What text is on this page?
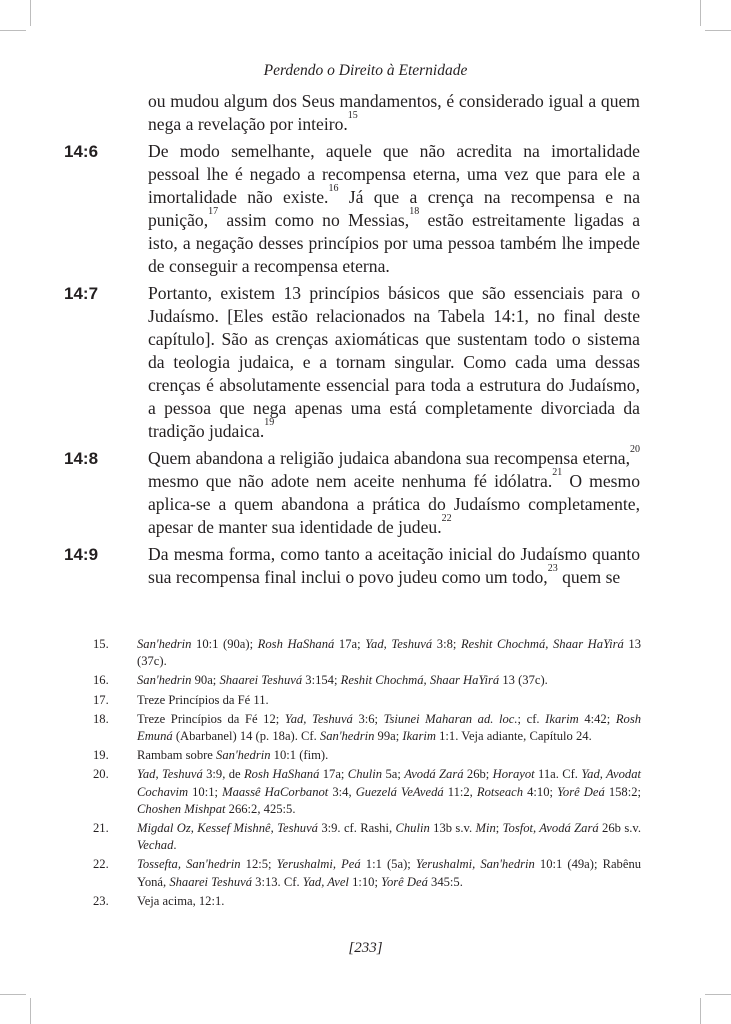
Perdendo o Direito à Eternidade

ou mudou algum dos Seus mandamentos, é considerado igual a quem nega a revelação por inteiro.$^{15}$

14:6	De modo semelhante, aquele que não acredita na imortalidade pessoal lhe é negado a recompensa eterna, uma vez que para ele a imortalidade não existe.$^{16}$ Já que a crença na recompensa e na punição,$^{17}$ assim como no Messias,$^{18}$ estão estreitamente ligadas a isto, a negação desses princípios por uma pessoa também lhe impede de conseguir a recompensa eterna.

14:7	Portanto, existem 13 princípios básicos que são essenciais para o Judaísmo. [Eles estão relacionados na Tabela 14:1, no final deste capítulo]. São as crenças axiomáticas que sustentam todo o sistema da teologia judaica, e a tornam singular. Como cada uma dessas crenças é absolutamente essencial para toda a estrutura do Judaísmo, a pessoa que nega apenas uma está completamente divorciada da tradição judaica.$^{19}$

14:8	Quem abandona a religião judaica abandona sua recompensa eterna,$^{20}$ mesmo que não adote nem aceite nenhuma fé idólatra.$^{21}$ O mesmo aplica-se a quem abandona a prática do Judaísmo completamente, apesar de manter sua identidade de judeu.$^{22}$

14:9	Da mesma forma, como tanto a aceitação inicial do Judaísmo quanto sua recompensa final inclui o povo judeu como um todo,$^{23}$ quem se

15. San'hedrin 10:1 (90a); Rosh HaShaná 17a; Yad, Teshuvá 3:8; Reshit Chochmá, Shaar HaYirá 13 (37c).
16. San'hedrin 90a; Shaarei Teshuvá 3:154; Reshit Chochmá, Shaar HaYirá 13 (37c).
17. Treze Princípios da Fé 11.
18. Treze Princípios da Fé 12; Yad, Teshuvá 3:6; Tsiunei Maharan ad. loc.; cf. Ikarim 4:42; Rosh Emuná (Abarbanel) 14 (p. 18a). Cf. San'hedrin 99a; Ikarim 1:1. Veja adiante, Capítulo 24.
19. Rambam sobre San'hedrin 10:1 (fim).
20. Yad, Teshuvá 3:9, de Rosh HaShaná 17a; Chulin 5a; Avodá Zará 26b; Horayot 11a. Cf. Yad, Avodat Cochavim 10:1; Maassê HaCorbanot 3:4, Guezelá VeAvedá 11:2, Rotseach 4:10; Yorê Deá 158:2; Choshen Mishpat 266:2, 425:5.
21. Migdal Oz, Kessef Mishnê, Teshuvá 3:9. cf. Rashi, Chulin 13b s.v. Min; Tosfot, Avodá Zará 26b s.v. Vechad.
22. Tossefta, San'hedrin 12:5; Yerushalmi, Peá 1:1 (5a); Yerushalmi, San'hedrin 10:1 (49a); Rabênu Yoná, Shaarei Teshuvá 3:13. Cf. Yad, Avel 1:10; Yorê Deá 345:5.
23. Veja acima, 12:1.
[233]
